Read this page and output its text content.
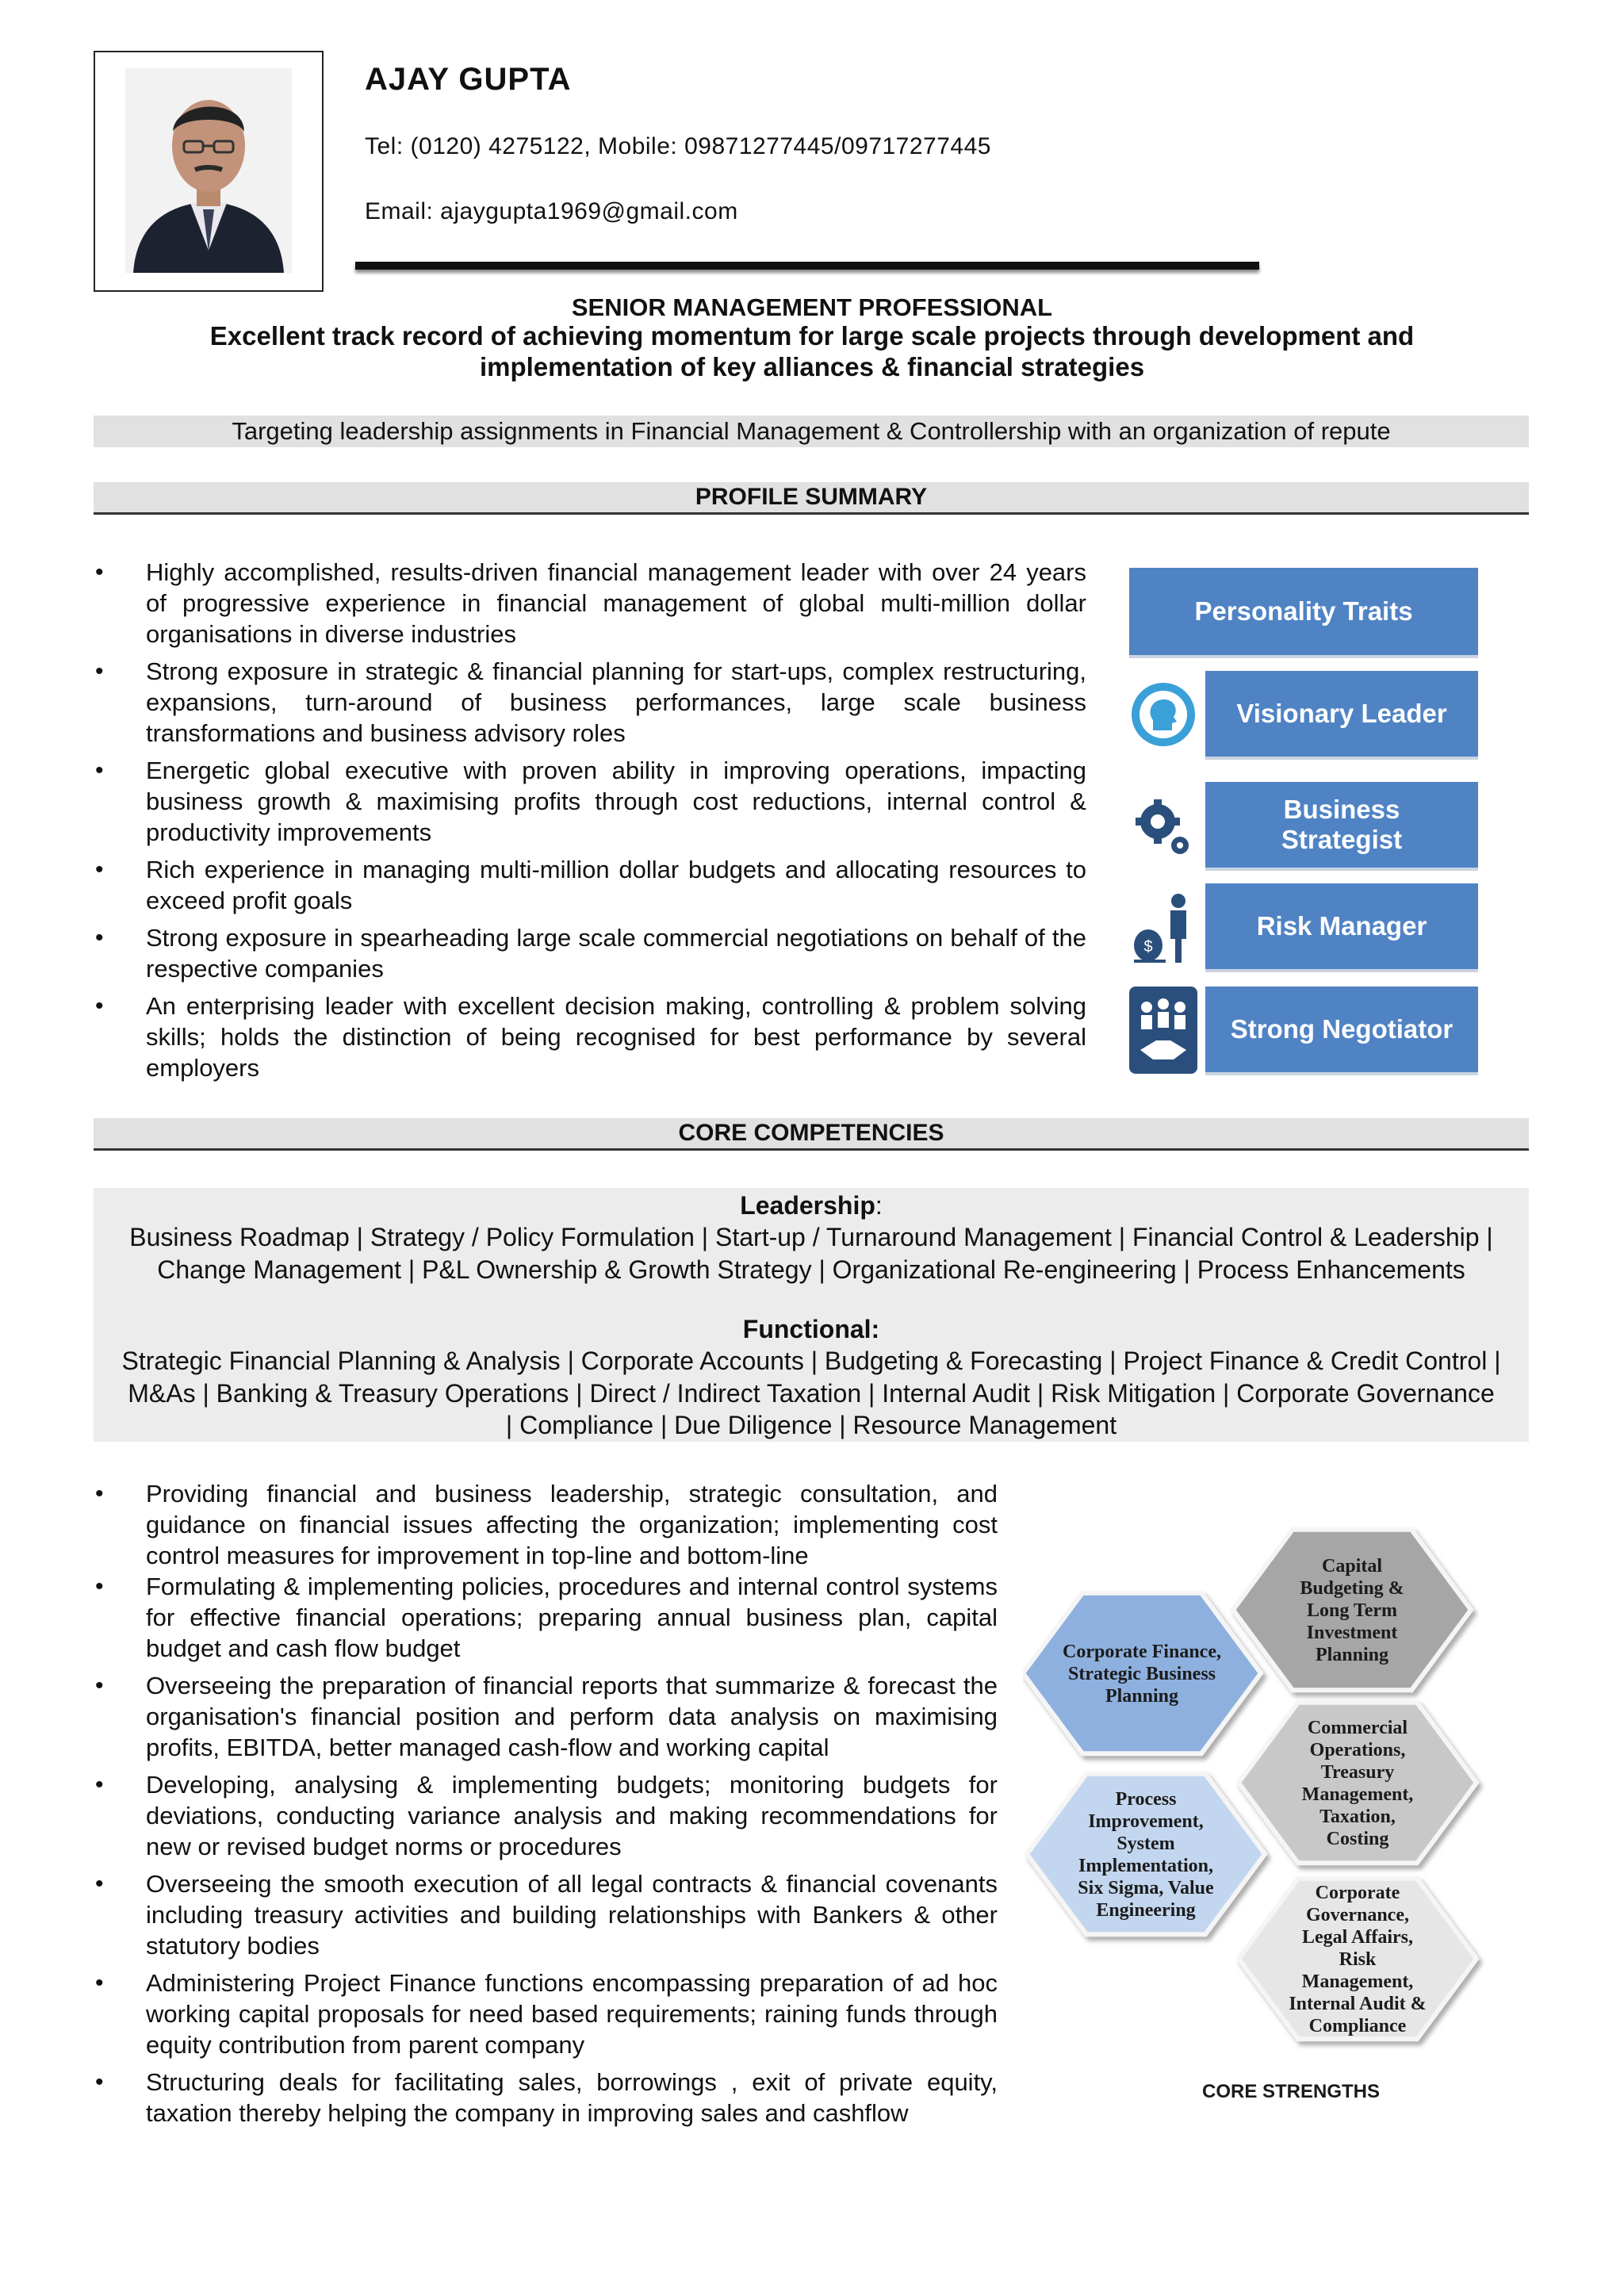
AJAY GUPTA
Tel: (0120) 4275122, Mobile: 09871277445/09717277445
Email: ajaygupta1969@gmail.com
SENIOR MANAGEMENT PROFESSIONAL
Excellent track record of achieving momentum for large scale projects through development and
implementation of key alliances & financial strategies
Targeting leadership assignments in Financial Management & Controllership with an organization of repute
PROFILE SUMMARY
• Highly accomplished, results-driven financial management leader with over 24 years of progressive experience in financial management of global multi-million dollar organisations in diverse industries
• Strong exposure in strategic & financial planning for start-ups, complex restructuring, expansions, turn-around of business performances, large scale business transformations and business advisory roles
• Energetic global executive with proven ability in improving operations, impacting business growth & maximising profits through cost reductions, internal control & productivity improvements
• Rich experience in managing multi-million dollar budgets and allocating resources to exceed profit goals
• Strong exposure in spearheading large scale commercial negotiations on behalf of the respective companies
• An enterprising leader with excellent decision making, controlling & problem solving skills; holds the distinction of being recognised for best performance by several employers
Personality Traits
Visionary Leader
Business Strategist
$
Risk Manager
Strong Negotiator
CORE COMPETENCIES
Leadership:
Business Roadmap | Strategy / Policy Formulation | Start-up / Turnaround Management | Financial Control & Leadership |
Change Management | P&L Ownership & Growth Strategy | Organizational Re-engineering | Process Enhancements
Functional:
Strategic Financial Planning & Analysis | Corporate Accounts | Budgeting & Forecasting | Project Finance & Credit Control |
M&As | Banking & Treasury Operations | Direct / Indirect Taxation | Internal Audit | Risk Mitigation | Corporate Governance
| Compliance | Due Diligence | Resource Management
• Providing financial and business leadership, strategic consultation, and guidance on financial issues affecting the organization; implementing cost control measures for improvement in top-line and bottom-line
• Formulating & implementing policies, procedures and internal control systems for effective financial operations; preparing annual business plan, capital budget and cash flow budget
• Overseeing the preparation of financial reports that summarize & forecast the organisation's financial position and perform data analysis on maximising profits, EBITDA, better managed cash-flow and working capital
• Developing, analysing & implementing budgets; monitoring budgets for deviations, conducting variance analysis and making recommendations for new or revised budget norms or procedures
• Overseeing the smooth execution of all legal contracts & financial covenants including treasury activities and building relationships with Bankers & other statutory bodies
• Administering Project Finance functions encompassing preparation of ad hoc working capital proposals for need based requirements; raining funds through equity contribution from parent company
• Structuring deals for facilitating sales, borrowings , exit of private equity, taxation thereby helping the company in improving sales and cashflow
Capital
Budgeting &
Long Term
Investment
Planning
Corporate Finance,
Strategic Business
Planning
Commercial
Operations,
Treasury
Management,
Taxation,
Costing
Process
Improvement,
System
Implementation,
Six Sigma, Value
Engineering
Corporate
Governance,
Legal Affairs,
Risk
Management,
Internal Audit &
Compliance
CORE STRENGTHS
